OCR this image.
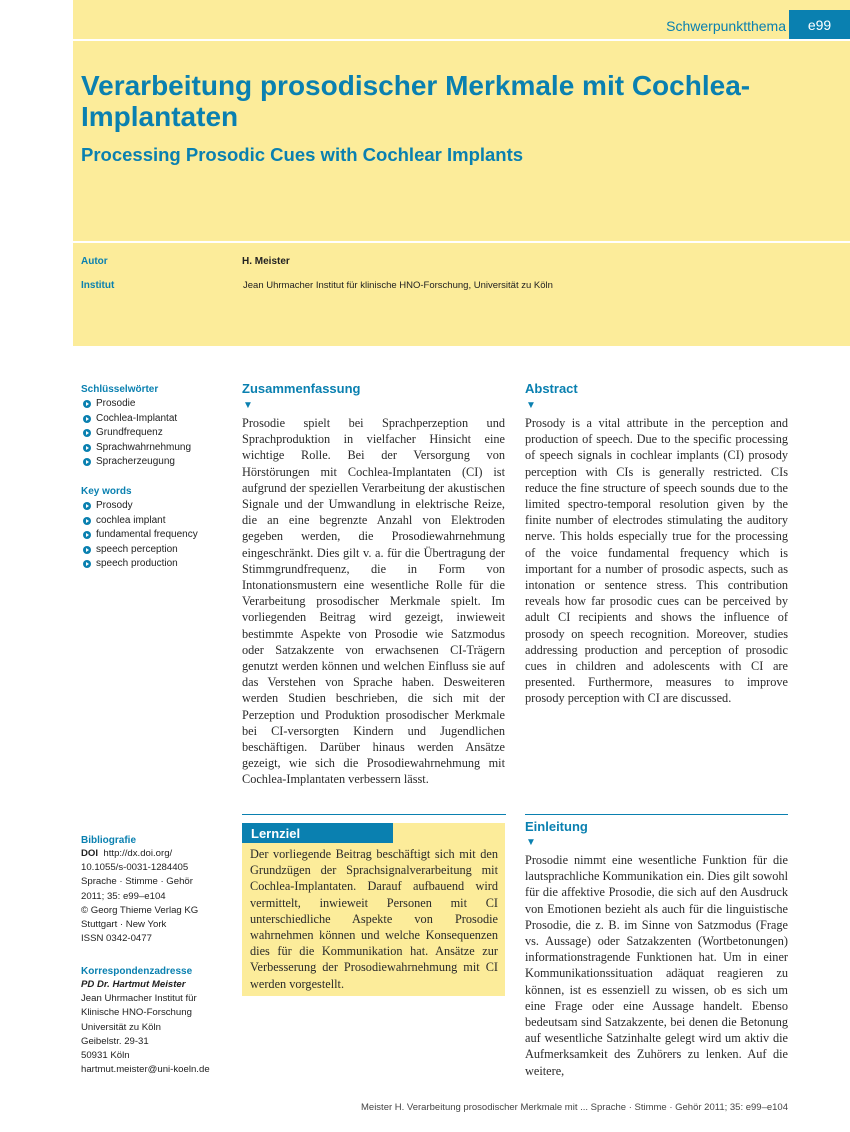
Schwerpunktthema	e99
Verarbeitung prosodischer Merkmale mit Cochlea-Implantaten
Processing Prosodic Cues with Cochlear Implants
Autor	H. Meister
Institut	Jean Uhrmacher Institut für klinische HNO-Forschung, Universität zu Köln
Schlüsselwörter
Prosodie
Cochlea-Implantat
Grundfrequenz
Sprachwahrnehmung
Spracherzeugung
Key words
Prosody
cochlea implant
fundamental frequency
speech perception
speech production
Zusammenfassung
▼
Prosodie spielt bei Sprachperzeption und Sprachproduktion in vielfacher Hinsicht eine wichtige Rolle. Bei der Versorgung von Hörstörungen mit Cochlea-Implantaten (CI) ist aufgrund der speziellen Verarbeitung der akustischen Signale und der Umwandlung in elektrische Reize, die an eine begrenzte Anzahl von Elektroden gegeben werden, die Prosodiewahrnehmung eingeschränkt. Dies gilt v. a. für die Übertragung der Stimmgrundfrequenz, die in Form von Intonationsmustern eine wesentliche Rolle für die Verarbeitung prosodischer Merkmale spielt. Im vorliegenden Beitrag wird gezeigt, inwieweit bestimmte Aspekte von Prosodie wie Satzmodus oder Satzakzente von erwachsenen CI-Trägern genutzt werden können und welchen Einfluss sie auf das Verstehen von Sprache haben. Desweiteren werden Studien beschrieben, die sich mit der Perzeption und Produktion prosodischer Merkmale bei CI-versorgten Kindern und Jugendlichen beschäftigen. Darüber hinaus werden Ansätze gezeigt, wie sich die Prosodiewahrnehmung mit Cochlea-Implantaten verbessern lässt.
Abstract
▼
Prosody is a vital attribute in the perception and production of speech. Due to the specific processing of speech signals in cochlear implants (CI) prosody perception with CIs is generally restricted. CIs reduce the fine structure of speech sounds due to the limited spectro-temporal resolution given by the finite number of electrodes stimulating the auditory nerve. This holds especially true for the processing of the voice fundamental frequency which is important for a number of prosodic aspects, such as intonation or sentence stress. This contribution reveals how far prosodic cues can be perceived by adult CI recipients and shows the influence of prosody on speech recognition. Moreover, studies addressing production and perception of prosodic cues in children and adolescents with CI are presented. Furthermore, measures to improve prosody perception with CI are discussed.
Bibliografie
DOI http://dx.doi.org/
10.1055/s-0031-1284405
Sprache · Stimme · Gehör
2011; 35: e99–e104
© Georg Thieme Verlag KG
Stuttgart · New York
ISSN 0342-0477
Korrespondenzadresse
PD Dr. Hartmut Meister
Jean Uhrmacher Institut für
Klinische HNO-Forschung
Universität zu Köln
Geibelstr. 29-31
50931 Köln
hartmut.meister@uni-koeln.de
Lernziel
Der vorliegende Beitrag beschäftigt sich mit den Grundzügen der Sprachsignalverarbeitung mit Cochlea-Implantaten. Darauf aufbauend wird vermittelt, inwieweit Personen mit CI unterschiedliche Aspekte von Prosodie wahrnehmen können und welche Konsequenzen dies für die Kommunikation hat. Ansätze zur Verbesserung der Prosodiewahrnehmung mit CI werden vorgestellt.
Einleitung
▼
Prosodie nimmt eine wesentliche Funktion für die lautsprachliche Kommunikation ein. Dies gilt sowohl für die affektive Prosodie, die sich auf den Ausdruck von Emotionen bezieht als auch für die linguistische Prosodie, die z. B. im Sinne von Satzmodus (Frage vs. Aussage) oder Satzakzenten (Wortbetonungen) informationstragende Funktionen hat. Um in einer Kommunikationssituation adäquat reagieren zu können, ist es essenziell zu wissen, ob es sich um eine Frage oder eine Aussage handelt. Ebenso bedeutsam sind Satzakzente, bei denen die Betonung auf wesentliche Satzinhalte gelegt wird um aktiv die Aufmerksamkeit des Zuhörers zu lenken. Auf die weitere,
Meister H. Verarbeitung prosodischer Merkmale mit ... Sprache · Stimme · Gehör 2011; 35: e99–e104
